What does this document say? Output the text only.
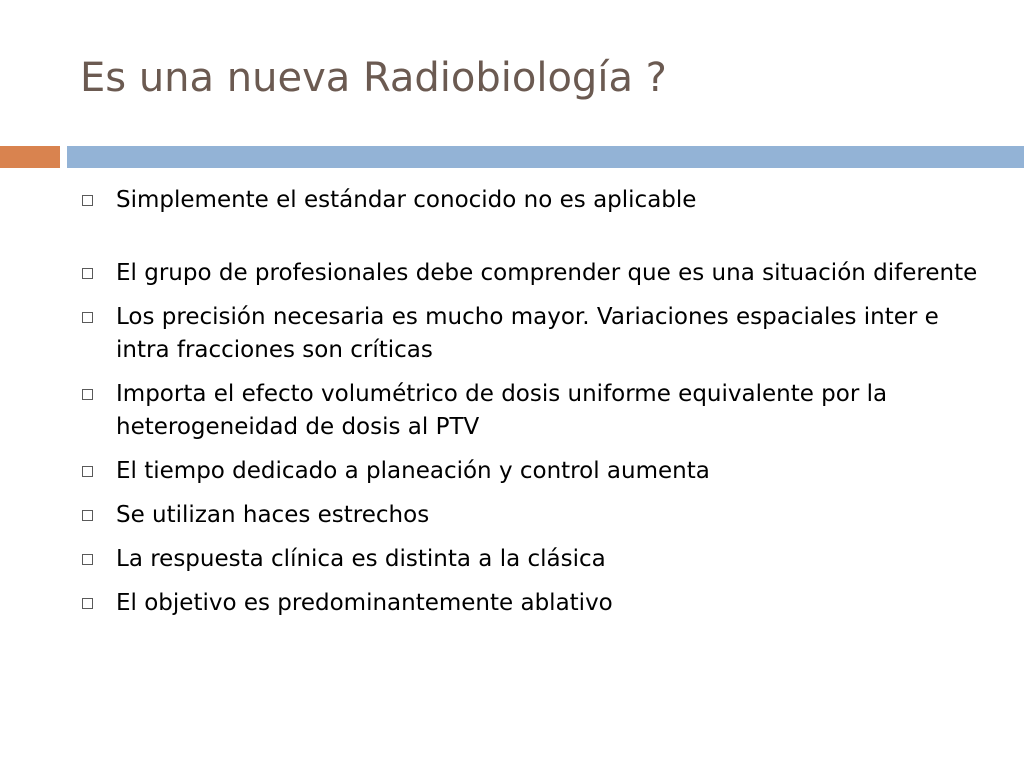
Es una nueva Radiobiología ?
Simplemente el estándar conocido no es aplicable
El grupo de profesionales debe comprender que es una situación diferente
Los precisión necesaria es mucho mayor. Variaciones espaciales inter e intra fracciones son críticas
Importa el efecto volumétrico de dosis uniforme equivalente por la heterogeneidad de dosis al PTV
El tiempo dedicado a planeación y control aumenta
Se utilizan haces estrechos
La respuesta clínica es distinta a la clásica
El objetivo es predominantemente ablativo
